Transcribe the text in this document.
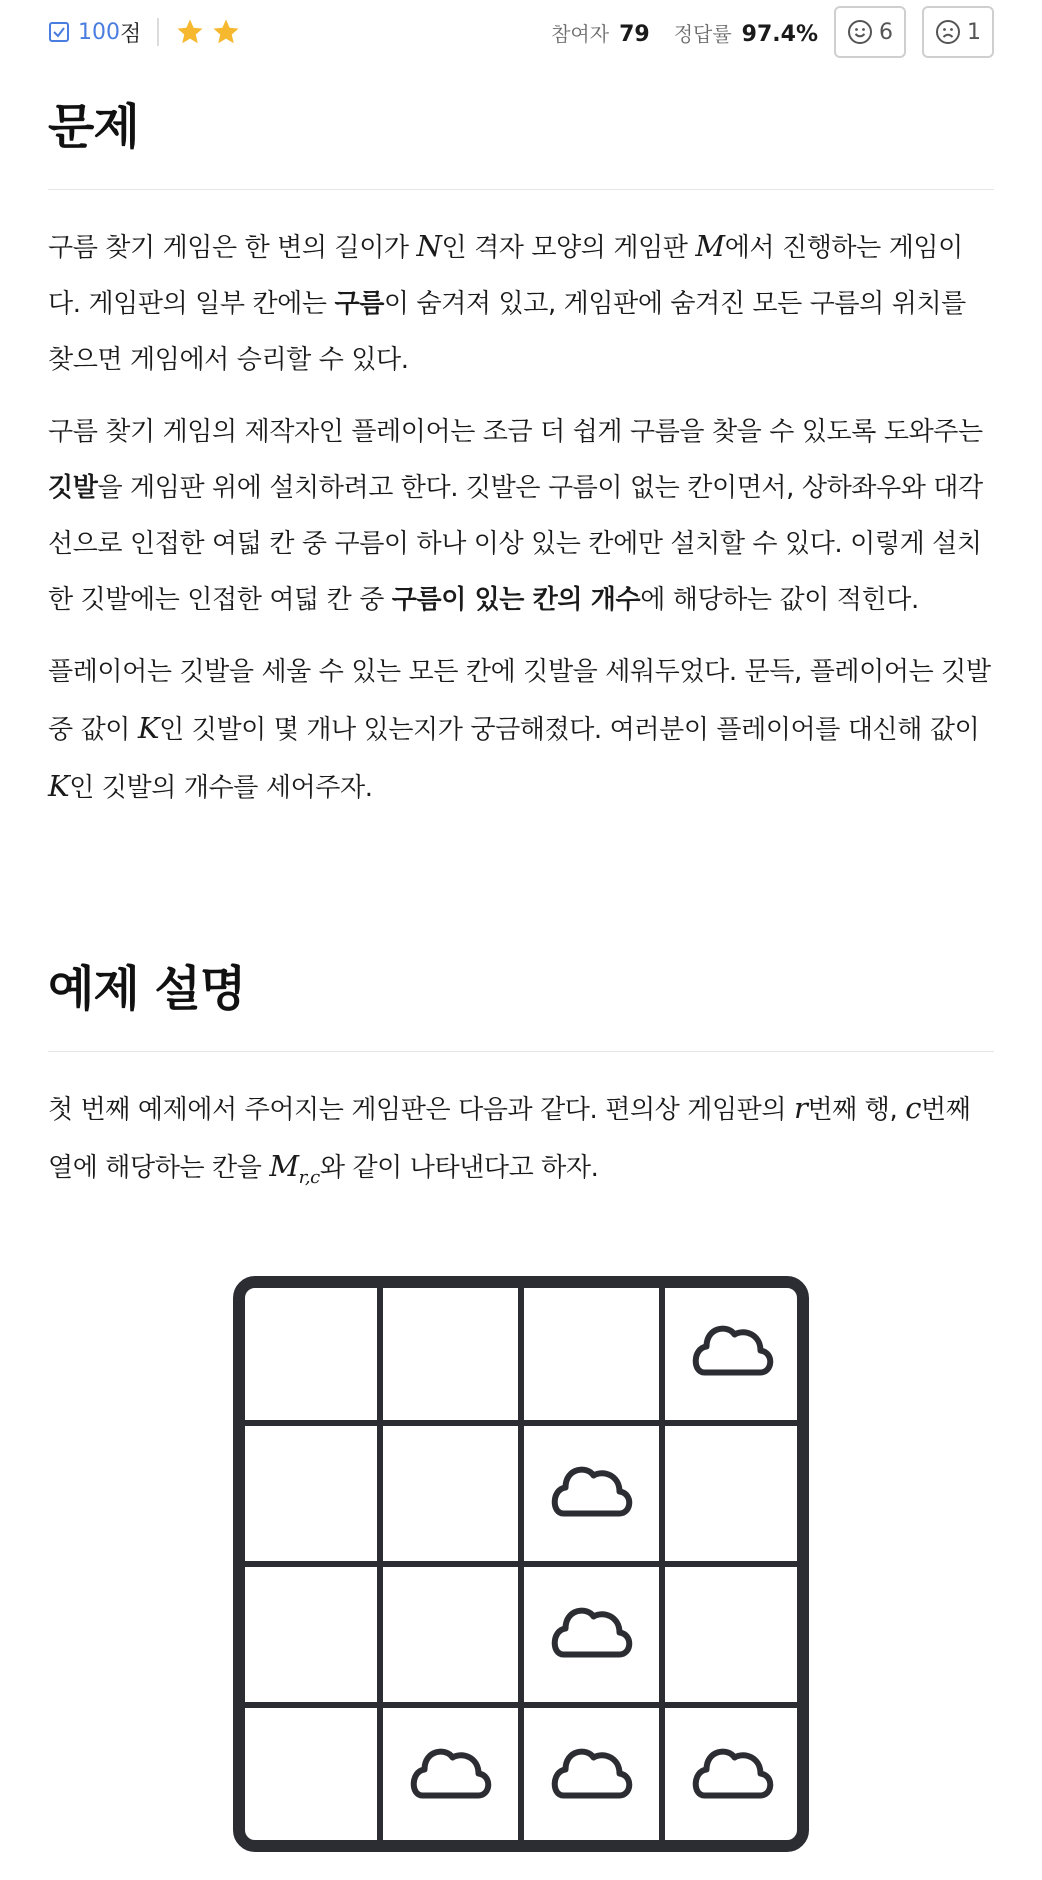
100 점	참여자 79 정답률 97.4%	6	1
문제

구름 찾기 게임은 한 변의 길이가 N인 격자 모양의 게임판 M에서 진행하는 게임이다. 게임판의 일부 칸에는 구름이 숨겨져 있고, 게임판에 숨겨진 모든 구름의 위치를 찾으면 게임에서 승리할 수 있다.

구름 찾기 게임의 제작자인 플레이어는 조금 더 쉽게 구름을 찾을 수 있도록 도와주는 깃발을 게임판 위에 설치하려고 한다. 깃발은 구름이 없는 칸이면서, 상하좌우와 대각선으로 인접한 여덟 칸 중 구름이 하나 이상 있는 칸에만 설치할 수 있다. 이렇게 설치한 깃발에는 인접한 여덟 칸 중 구름이 있는 칸의 개수에 해당하는 값이 적힌다.

플레이어는 깃발을 세울 수 있는 모든 칸에 깃발을 세워두었다. 문득, 플레이어는 깃발 중 값이 K인 깃발이 몇 개나 있는지가 궁금해졌다. 여러분이 플레이어를 대신해 값이 K인 깃발의 개수를 세어주자.

예제 설명

첫 번째 예제에서 주어지는 게임판은 다음과 같다. 편의상 게임판의 r번째 행, c번째 열에 해당하는 칸을 $M_{r,c}$와 같이 나타낸다고 하자.
